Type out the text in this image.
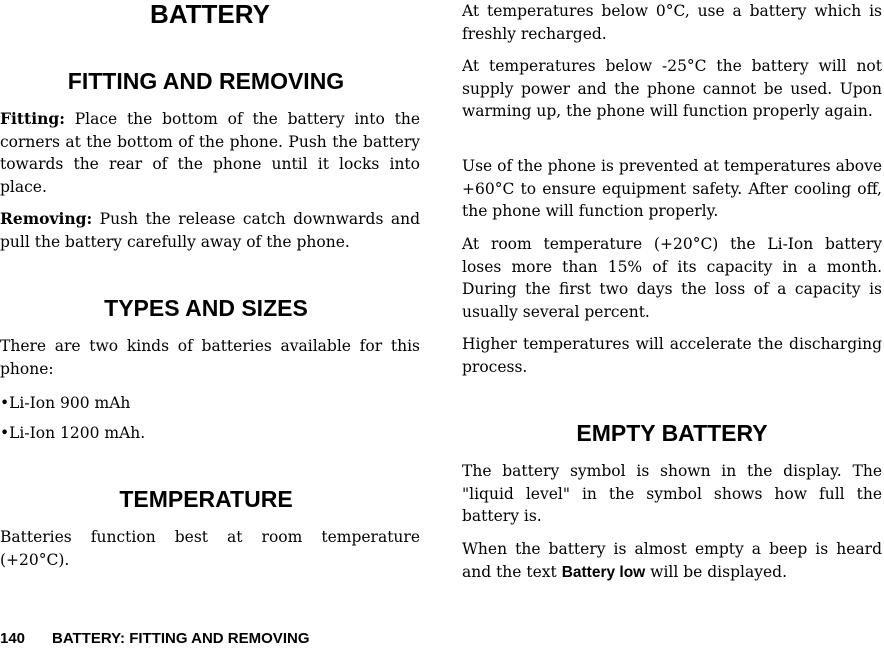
BATTERY
FITTING AND REMOVING

Fitting: Place the bottom of the battery into the corners at the bottom of the phone. Push the battery towards the rear of the phone until it locks into place.

Removing: Push the release catch downwards and pull the battery carefully away of the phone.

TYPES AND SIZES

There are two kinds of batteries available for this phone:

•Li-Ion 900 mAh

•Li-Ion 1200 mAh.

TEMPERATURE

Batteries function best at room temperature (+20°C).

At temperatures below 0°C, use a battery which is freshly recharged.

At temperatures below -25°C the battery will not supply power and the phone cannot be used. Upon warming up, the phone will function properly again.

Use of the phone is prevented at temperatures above +60°C to ensure equipment safety. After cooling off, the phone will function properly.

At room temperature (+20°C) the Li-Ion battery loses more than 15% of its capacity in a month. During the first two days the loss of a capacity is usually several percent.

Higher temperatures will accelerate the discharging process.

EMPTY BATTERY

The battery symbol is shown in the display. The "liquid level" in the symbol shows how full the battery is.

When the battery is almost empty a beep is heard and the text Battery low will be displayed.

140 BATTERY: FITTING AND REMOVING
